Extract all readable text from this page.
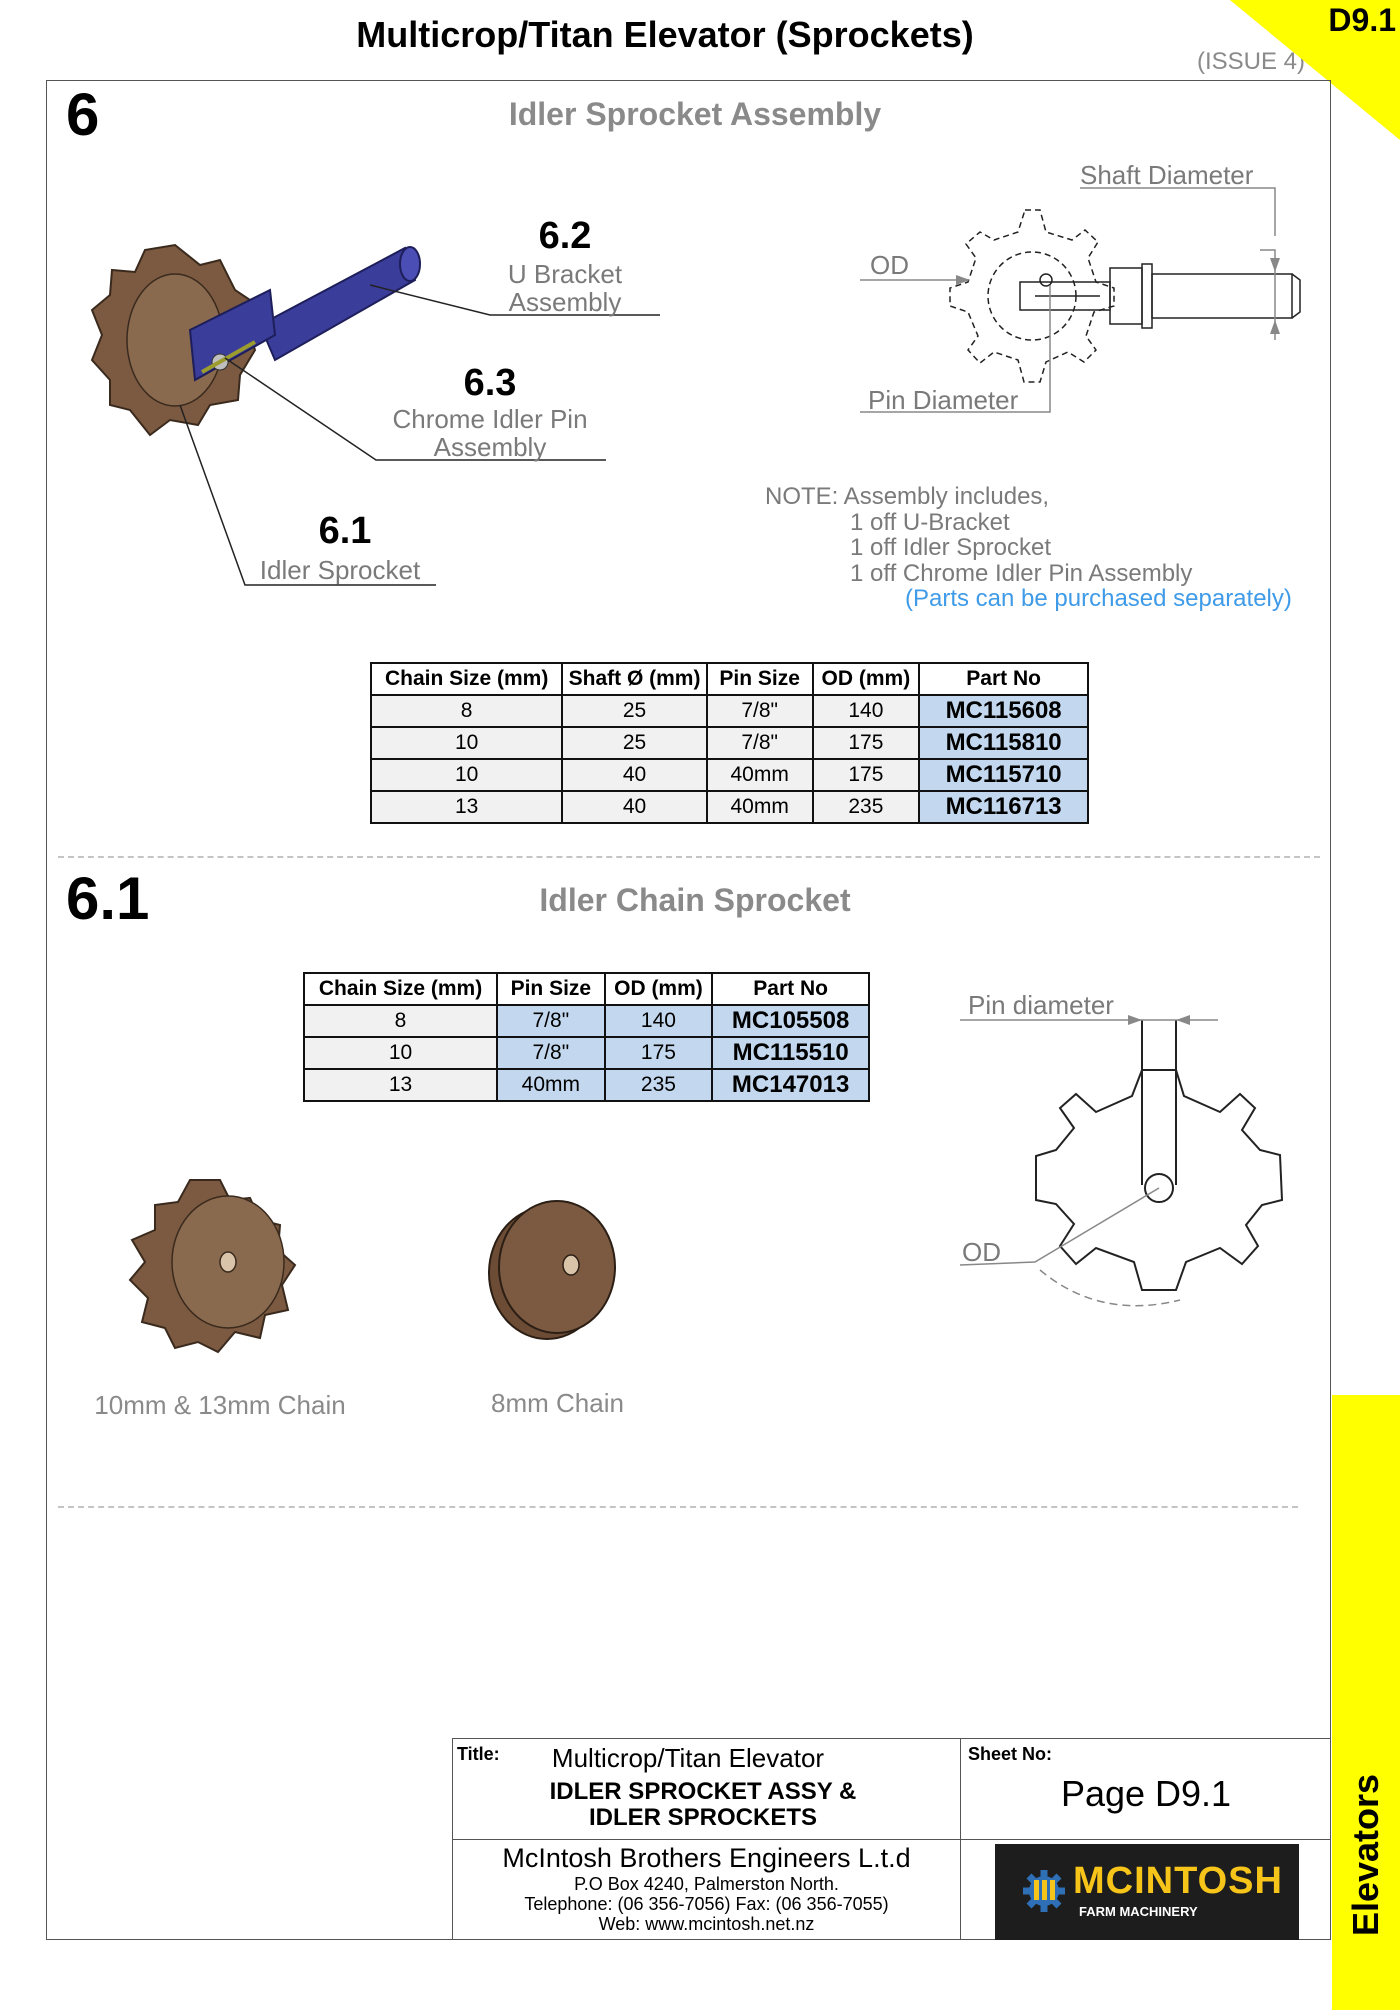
Multicrop/Titan Elevator (Sprockets)
(ISSUE 4)
D9.1
6	Idler Sprocket Assembly
6.2
U Bracket
Assembly
6.3
Chrome Idler Pin
Assembly
6.1
Idler Sprocket
Shaft Diameter
OD
Pin Diameter
NOTE: Assembly includes,
1 off U-Bracket
1 off Idler Sprocket
1 off Chrome Idler Pin Assembly
(Parts can be purchased separately)
Chain Size (mm)	Shaft Ø (mm)	Pin Size	OD (mm)	Part No
8	25	7/8"	140	MC115608
10	25	7/8"	175	MC115810
10	40	40mm	175	MC115710
13	40	40mm	235	MC116713
6.1	Idler Chain Sprocket
Chain Size (mm)	Pin Size	OD (mm)	Part No
8	7/8"	140	MC105508
10	7/8"	175	MC115510
13	40mm	235	MC147013
Pin diameter
OD
10mm & 13mm Chain	8mm Chain
Title:	Multicrop/Titan Elevator
IDLER SPROCKET ASSY &
IDLER SPROCKETS
Sheet No:
Page D9.1
McIntosh Brothers Engineers L.t.d
P.O Box 4240, Palmerston North.
Telephone: (06 356-7056) Fax: (06 356-7055)
Web: www.mcintosh.net.nz
MCINTOSH
FARM MACHINERY	Elevators
